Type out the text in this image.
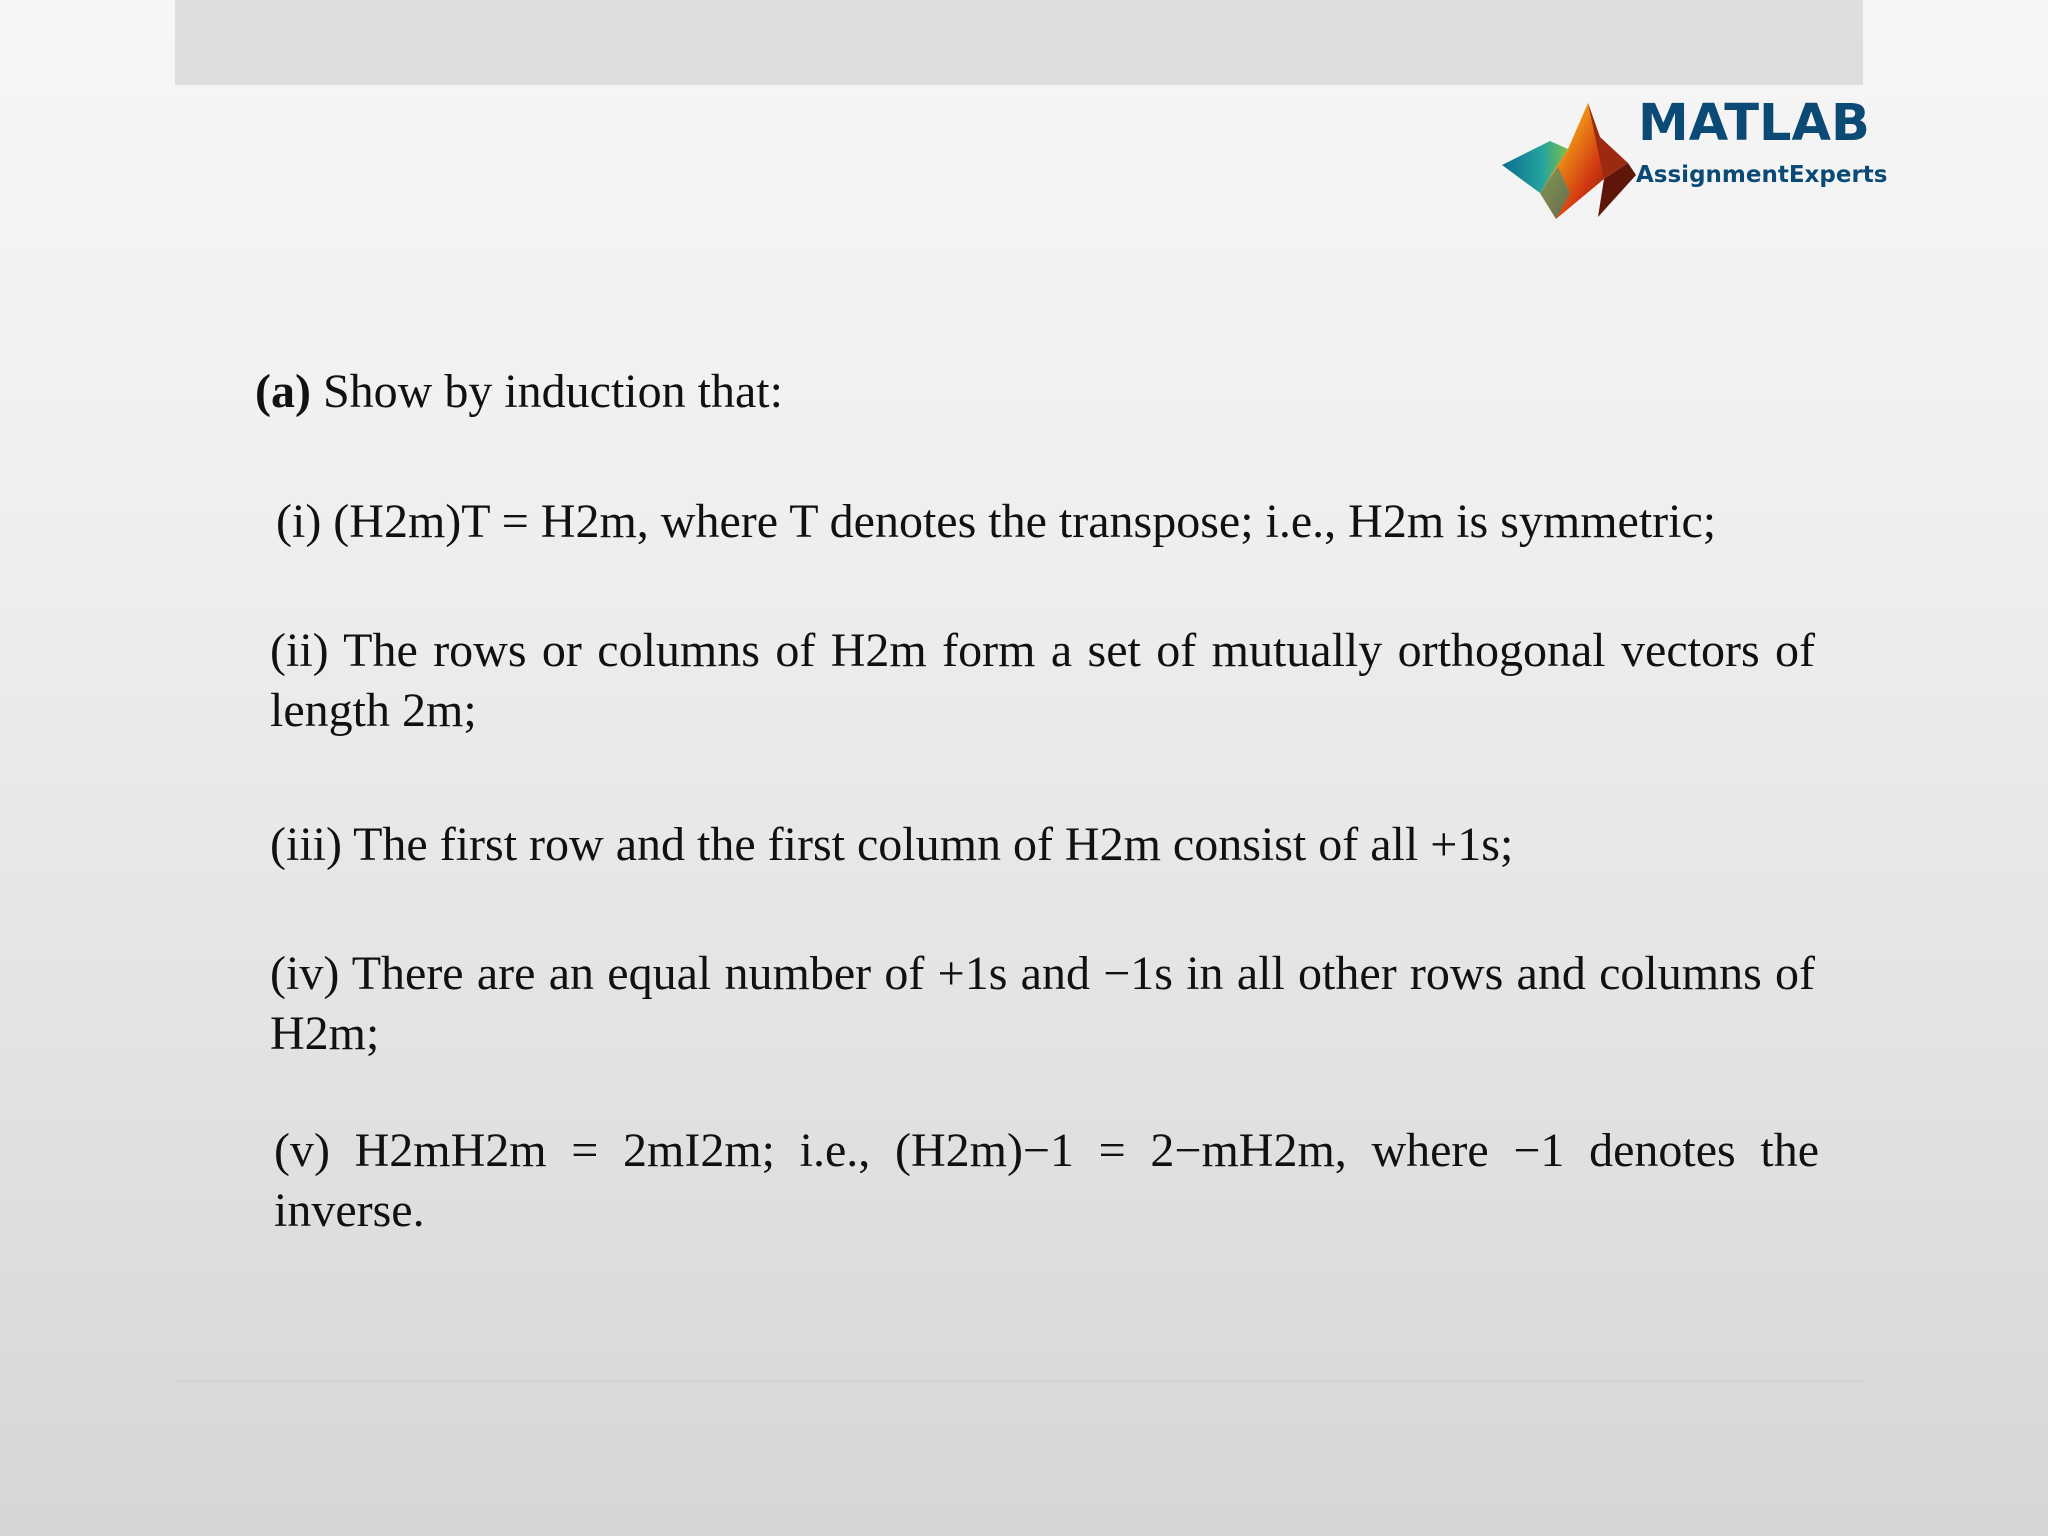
MATLAB
AssignmentExperts

(a) Show by induction that:

(i) (H2m)T = H2m, where T denotes the transpose; i.e., H2m is symmetric;

(ii) The rows or columns of H2m form a set of mutually orthogonal vectors of length 2m;

(iii) The first row and the first column of H2m consist of all +1s;

(iv) There are an equal number of +1s and −1s in all other rows and columns of H2m;

(v) H2mH2m = 2mI2m; i.e., (H2m)−1 = 2−mH2m, where −1 denotes the inverse.
